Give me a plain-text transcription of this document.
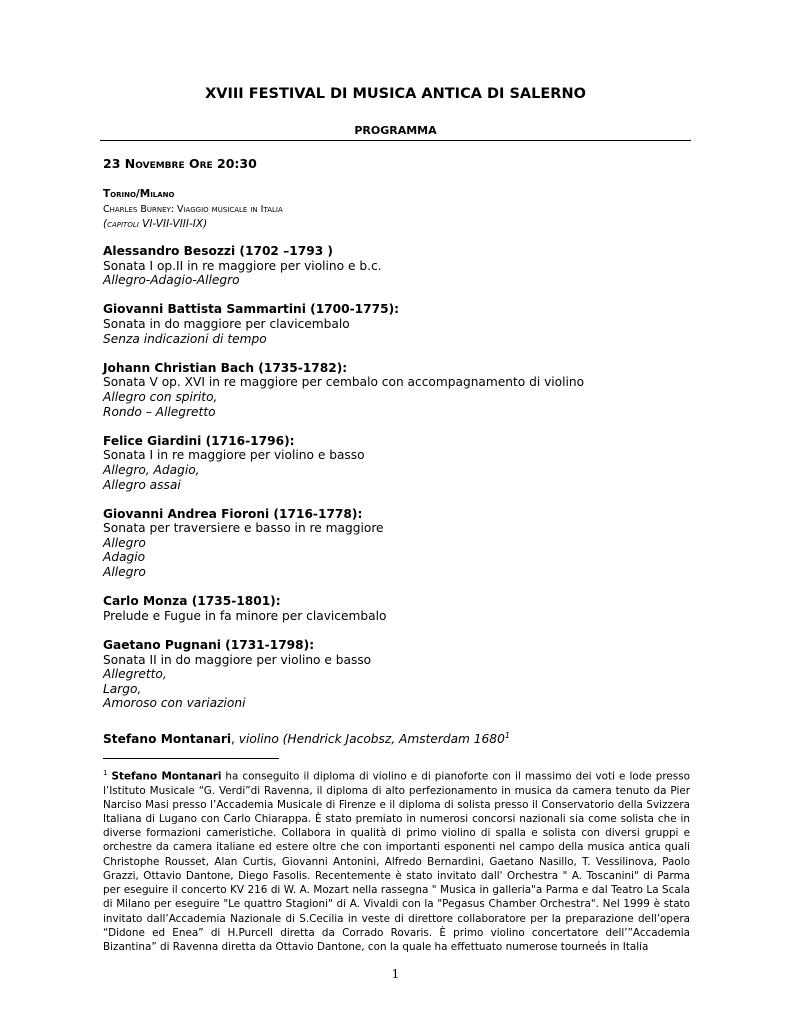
XVIII FESTIVAL DI MUSICA ANTICA DI SALERNO
PROGRAMMA
23 Novembre Ore 20:30
Torino/Milano
Charles Burney: Viaggio musicale in Italia
(capitoli VI-VII-VIII-IX)
Alessandro Besozzi (1702 –1793 )
Sonata I op.II in re maggiore per violino e b.c.
Allegro-Adagio-Allegro
Giovanni Battista Sammartini (1700-1775):
Sonata in do maggiore per clavicembalo
Senza indicazioni di tempo
Johann Christian Bach (1735-1782):
Sonata V op. XVI in re maggiore per cembalo con accompagnamento di violino
Allegro con spirito,
Rondo – Allegretto
Felice Giardini (1716-1796):
Sonata I in re maggiore per violino e basso
Allegro, Adagio,
Allegro assai
Giovanni Andrea Fioroni (1716-1778):
Sonata per traversiere e basso in re maggiore
Allegro
Adagio
Allegro
Carlo Monza (1735-1801):
Prelude e Fugue in fa minore per clavicembalo
Gaetano Pugnani (1731-1798):
Sonata II in do maggiore per violino e basso
Allegretto,
Largo,
Amoroso con variazioni
Stefano Montanari, violino (Hendrick Jacobsz, Amsterdam 1680$^1$
$^1$ Stefano Montanari ha conseguito il diploma di violino e di pianoforte con il massimo dei voti e lode presso l’Istituto Musicale “G. Verdi”di Ravenna, il diploma di alto perfezionamento in musica da camera tenuto da Pier Narciso Masi presso l’Accademia Musicale di Firenze e il diploma di solista presso il Conservatorio della Svizzera Italiana di Lugano con Carlo Chiarappa. È stato premiato in numerosi concorsi nazionali sia come solista che in diverse formazioni cameristiche. Collabora in qualità di primo violino di spalla e solista con diversi gruppi e orchestre da camera italiane ed estere oltre che con importanti esponenti nel campo della musica antica quali Christophe Rousset, Alan Curtis, Giovanni Antonini, Alfredo Bernardini, Gaetano Nasillo, T. Vessilinova, Paolo Grazzi, Ottavio Dantone, Diego Fasolis. Recentemente è stato invitato dall' Orchestra " A. Toscanini" di Parma per eseguire il concerto KV 216 di W. A. Mozart nella rassegna " Musica in galleria"a Parma e dal Teatro La Scala di Milano per eseguire "Le quattro Stagioni" di A. Vivaldi con la "Pegasus Chamber Orchestra". Nel 1999 è stato invitato dall’Accademia Nazionale di S.Cecilia in veste di direttore collaboratore per la preparazione dell’opera “Didone ed Enea” di H.Purcell diretta da Corrado Rovaris. È primo violino concertatore dell’”Accademia Bizantina” di Ravenna diretta da Ottavio Dantone, con la quale ha effettuato numerose tourneés in Italia
1
